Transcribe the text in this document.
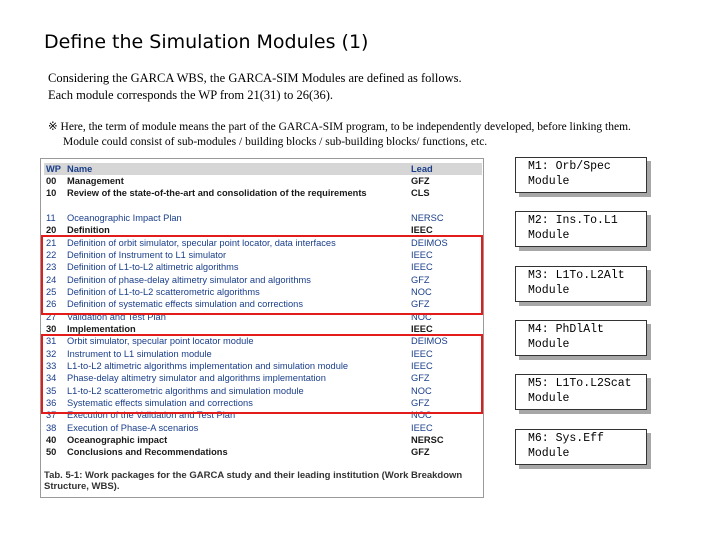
Define the Simulation Modules (1)
Considering the GARCA WBS, the GARCA-SIM Modules are defined as follows.
Each module corresponds the WP from 21(31) to 26(36).
※ Here, the term of module means the part of the GARCA-SIM program, to be independently developed, before linking them.
Module could consist of sub-modules / building blocks / sub-building blocks/ functions, etc.
WP Name	Lead
00	Management	GFZ
10	Review of the state-of-the-art and consolidation of the requirements	CLS
11	Oceanographic Impact Plan	NERSC
20	Definition	IEEC
21	Definition of orbit simulator, specular point locator, data interfaces	DEIMOS
22	Definition of Instrument to L1 simulator	IEEC
23	Definition of L1-to-L2 altimetric algorithms	IEEC
24	Definition of phase-delay altimetry simulator and algorithms	GFZ
25	Definition of L1-to-L2 scatterometric algorithms	NOC
26	Definition of systematic effects simulation and corrections	GFZ
27	Validation and Test Plan	NOC
30	Implementation	IEEC
31	Orbit simulator, specular point locator module	DEIMOS
32	Instrument to L1 simulation module	IEEC
33	L1-to-L2 altimetric algorithms implementation and simulation module	IEEC
34	Phase-delay altimetry simulator and algorithms implementation	GFZ
35	L1-to-L2 scatterometric algorithms and simulation module	NOC
36	Systematic effects simulation and corrections	GFZ
37	Execution of the Validation and Test Plan	NOC
38	Execution of Phase-A scenarios	IEEC
40	Oceanographic impact	NERSC
50	Conclusions and Recommendations	GFZ
Tab. 5-1: Work packages for the GARCA study and their leading institution (Work Breakdown Structure, WBS).
M1: Orb/Spec
Module
M2: Ins.To.L1
Module
M3: L1To.L2Alt
Module
M4: PhDlAlt
Module
M5: L1To.L2Scat
Module
M6: Sys.Eff
Module
